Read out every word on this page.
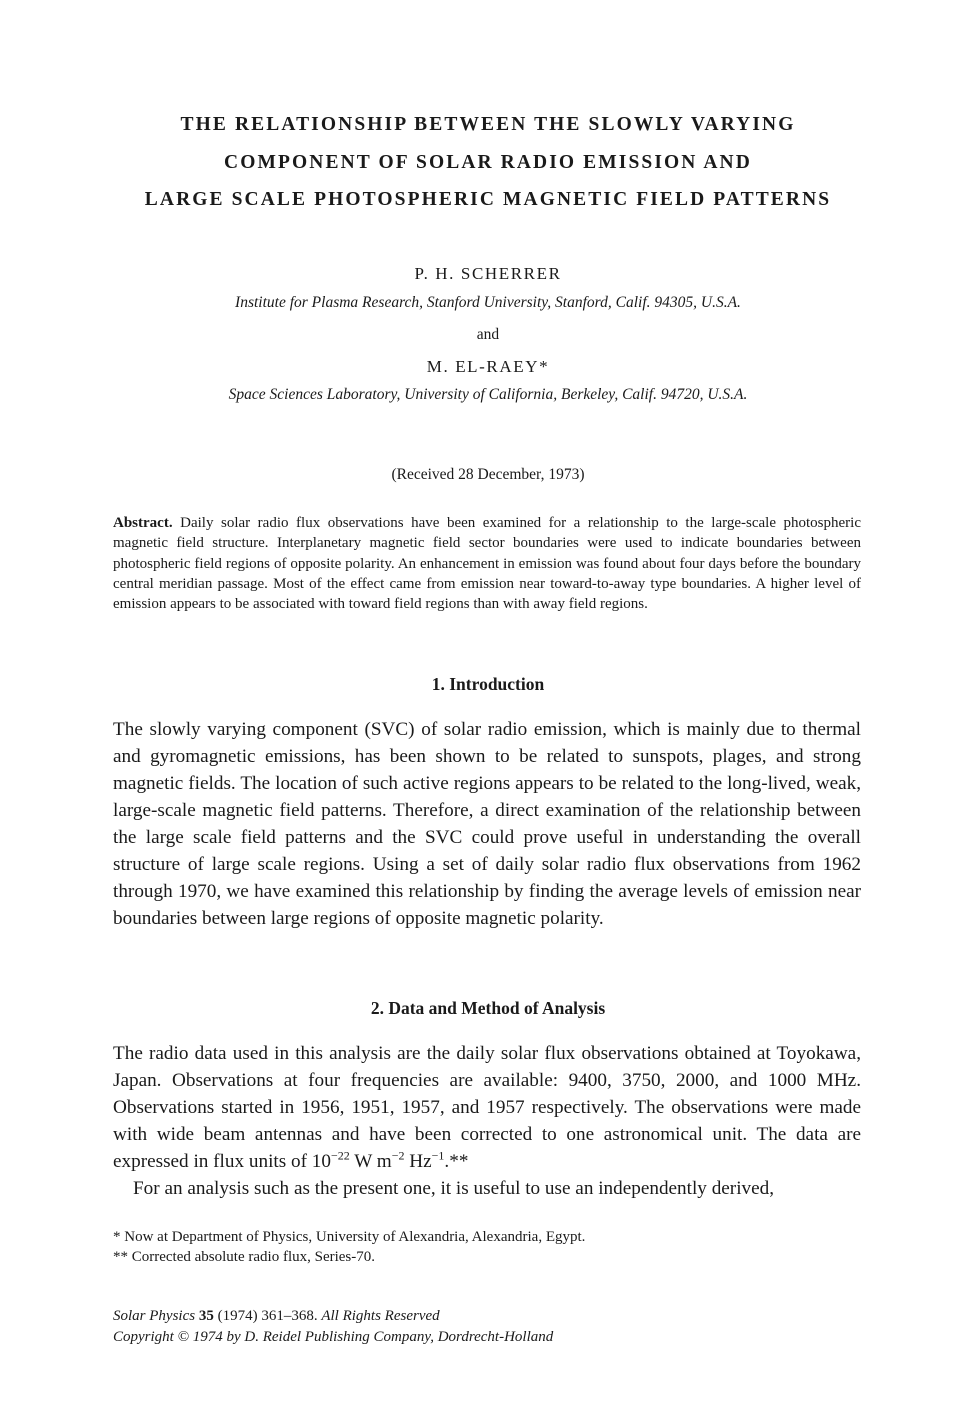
THE RELATIONSHIP BETWEEN THE SLOWLY VARYING
COMPONENT OF SOLAR RADIO EMISSION AND
LARGE SCALE PHOTOSPHERIC MAGNETIC FIELD PATTERNS
P. H. SCHERRER
Institute for Plasma Research, Stanford University, Stanford, Calif. 94305, U.S.A.
and
M. EL-RAEY*
Space Sciences Laboratory, University of California, Berkeley, Calif. 94720, U.S.A.
(Received 28 December, 1973)

Abstract. Daily solar radio flux observations have been examined for a relationship to the large-scale photospheric magnetic field structure. Interplanetary magnetic field sector boundaries were used to indicate boundaries between photospheric field regions of opposite polarity. An enhancement in emission was found about four days before the boundary central meridian passage. Most of the effect came from emission near toward-to-away type boundaries. A higher level of emission appears to be associated with toward field regions than with away field regions.

1. Introduction

The slowly varying component (SVC) of solar radio emission, which is mainly due to thermal and gyromagnetic emissions, has been shown to be related to sunspots, plages, and strong magnetic fields. The location of such active regions appears to be related to the long-lived, weak, large-scale magnetic field patterns. Therefore, a direct examination of the relationship between the large scale field patterns and the SVC could prove useful in understanding the overall structure of large scale regions. Using a set of daily solar radio flux observations from 1962 through 1970, we have examined this relationship by finding the average levels of emission near boundaries between large regions of opposite magnetic polarity.

2. Data and Method of Analysis

The radio data used in this analysis are the daily solar flux observations obtained at Toyokawa, Japan. Observations at four frequencies are available: 9400, 3750, 2000, and 1000 MHz. Observations started in 1956, 1951, 1957, and 1957 respectively. The observations were made with wide beam antennas and have been corrected to one astronomical unit. The data are expressed in flux units of $10^{-22}$ W $m^{-2}$ $Hz^{-1}.**$

For an analysis such as the present one, it is useful to use an independently derived,

* Now at Department of Physics, University of Alexandria, Alexandria, Egypt.
** Corrected absolute radio flux, Series-70.
Solar Physics 35 (1974) 361–368. All Rights Reserved
Copyright © 1974 by D. Reidel Publishing Company, Dordrecht-Holland
